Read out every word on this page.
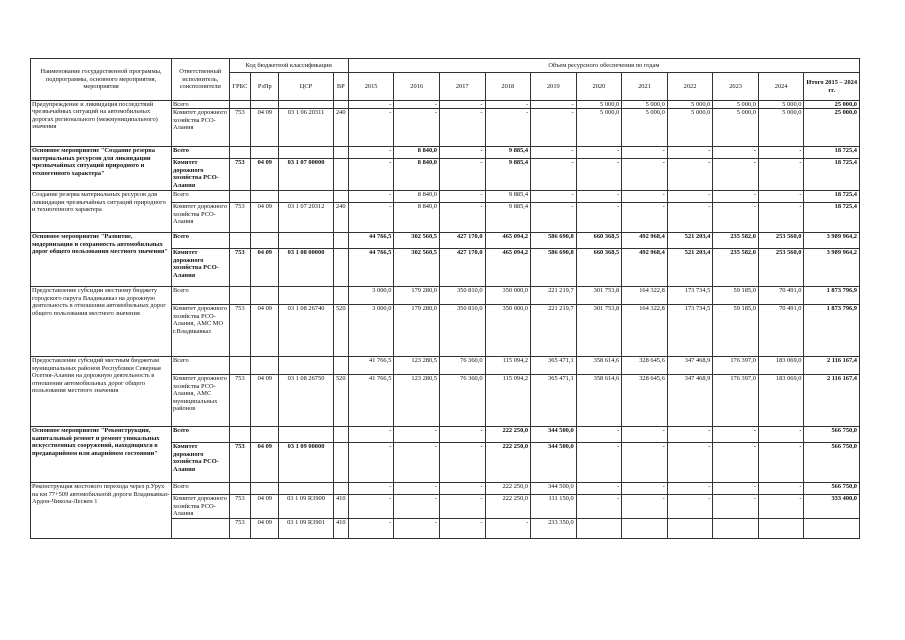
Наименование государственной программы, подпрограммы, основного мероприятия, мероприятия	Ответственный исполнитель, соисполнители	Код бюджетной классификации				Объем ресурсного обеспечения по годам										
		ГРБС	РзПр	ЦСР	ВР	2015	2016	2017	2018	2019	2020	2021	2022	2023	2024	Итого 2015 – 2024 гг.
Предупреждение и ликвидация последствий чрезвычайных ситуаций на автомобильных дорогах регионального (межмуниципального) значения	Всего					-	-	-	-	-	5 000,0	5 000,0	5 000,0	5 000,0	5 000,0	25 000,0
	Комитет дорожного хозяйства РСО-Алания	753	04 09	03 1 06 20311	240	-	-	-	-	-	5 000,0	5 000,0	5 000,0	5 000,0	5 000,0	25 000,0
Основное мероприятие "Создание резерва материальных ресурсов для ликвидации чрезвычайных ситуаций природного и техногенного характера"	Всего					-	8 840,0	-	9 885,4	-	-	-	-	-	-	18 725,4
	Комитет дорожного хозяйства РСО-Алания	753	04 09	03 1 07 00000		-	8 840,0	-	9 885,4	-	-	-	-	-	-	18 725,4
Создание резерва материальных ресурсов для ликвидации чрезвычайных ситуаций природного и техногенного характера	Всего					-	8 840,0	-	9 885,4	-	-	-	-	-	-	18 725,4
	Комитет дорожного хозяйства РСО-Алания	753	04 09	03 1 07 20312	240	-	8 840,0	-	9 885,4	-	-	-	-	-	-	18 725,4
Основное мероприятие "Развитие, модернизация и сохранность автомобильных дорог общего пользования местного значения"	Всего					44 766,5	302 560,5	427 170,0	465 094,2	586 690,8	660 368,5	492 968,4	521 203,4	235 582,0	253 560,0	3 989 964,2
	Комитет дорожного хозяйства РСО-Алания	753	04 09	03 1 08 00000		44 766,5	302 560,5	427 170,0	465 094,2	586 690,8	660 368,5	492 968,4	521 203,4	235 582,0	253 560,0	3 989 964,2
Предоставление субсидии местному бюджету городского округа Владикавказ на дорожную деятельность в отношении автомобильных дорог общего пользования местного значения	Всего					3 000,0	179 280,0	350 810,0	350 000,0	221 219,7	301 753,8	164 322,8	173 734,5	59 185,0	70 491,0	1 873 796,9
	Комитет дорожного хозяйства РСО-Алания, АМС МО г.Владикавказ	753	04 09	03 1 08 26740	520	3 000,0	179 280,0	350 810,0	350 000,0	221 219,7	301 753,8	164 322,8	173 734,5	59 185,0	70 491,0	1 873 796,9
Предоставление субсидий местным бюджетам муниципальных районов Республики Северная Осетия-Алания на дорожную деятельность в отношении автомобильных дорог общего пользования местного значения	Всего					41 766,5	123 280,5	76 360,0	115 094,2	365 471,1	358 614,6	328 645,6	347 468,9	176 397,0	183 069,0	2 116 167,4
	Комитет дорожного хозяйства РСО-Алания, АМС муниципальных районов	753	04 09	03 1 08 26750	520	41 766,5	123 280,5	76 360,0	115 094,2	365 471,1	358 614,6	328 645,6	347 468,9	176 397,0	183 069,0	2 116 167,4
Основное мероприятие "Реконструкция, капитальный ремонт и ремонт уникальных искусственных сооружений, находящихся в предаварийном или аварийном состоянии"	Всего					-	-	-	222 250,0	344 500,0	-	-	-	-	-	566 750,0
	Комитет дорожного хозяйства РСО-Алания	753	04 09	03 1 09 00000		-	-	-	222 250,0	344 500,0	-	-	-	-	-	566 750,0
Реконструкция мостового перехода через р.Урух на км 77+509 автомобильной дороги Владикавказ-Ардон-Чикола-Лескен 1	Всего					-	-	-	222 250,0	344 500,0	-	-	-	-	-	566 750,0
	Комитет дорожного хозяйства РСО-Алания	753	04 09	03 1 09 R3900	410	-	-	-	222 250,0	111 150,0	-	-	-	-	-	333 400,0
		753	04 09	03 1 09 R3901	410	-	-	-	-	233 350,0						
